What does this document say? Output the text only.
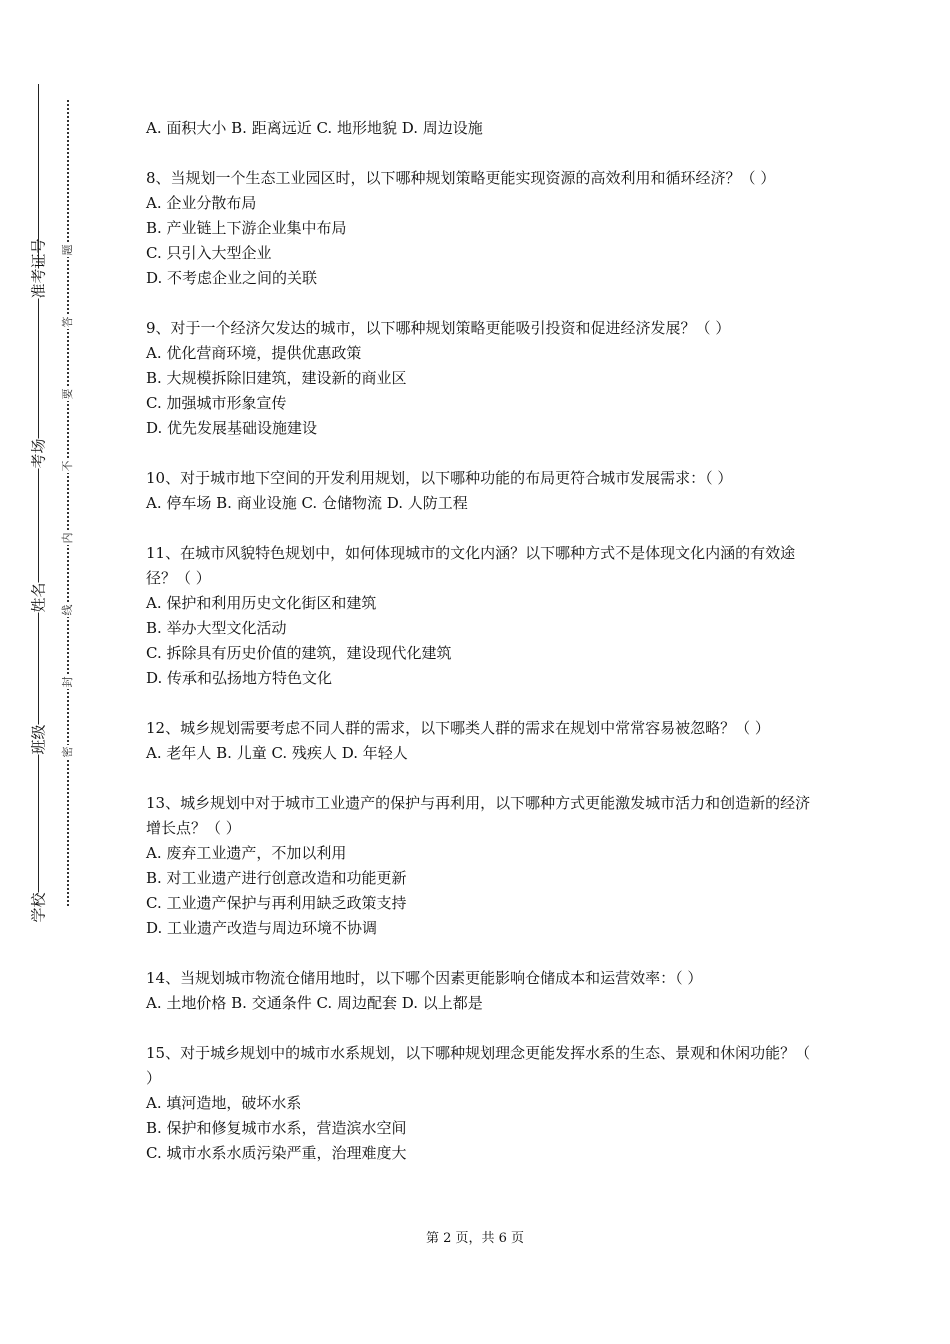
准考证号
考场
姓名
班级
学校
题
答
要
不
内
线
封
密

A. 面积大小 B. 距离远近 C. 地形地貌 D. 周边设施

8、当规划一个生态工业园区时，以下哪种规划策略更能实现资源的高效利用和循环经济？（ ）

A. 企业分散布局

B. 产业链上下游企业集中布局

C. 只引入大型企业

D. 不考虑企业之间的关联

9、对于一个经济欠发达的城市，以下哪种规划策略更能吸引投资和促进经济发展？（ ）

A. 优化营商环境，提供优惠政策

B. 大规模拆除旧建筑，建设新的商业区

C. 加强城市形象宣传

D. 优先发展基础设施建设

10、对于城市地下空间的开发利用规划，以下哪种功能的布局更符合城市发展需求：（ ）

A. 停车场 B. 商业设施 C. 仓储物流 D. 人防工程

11、在城市风貌特色规划中，如何体现城市的文化内涵？以下哪种方式不是体现文化内涵的有效途径？（ ）

A. 保护和利用历史文化街区和建筑

B. 举办大型文化活动

C. 拆除具有历史价值的建筑，建设现代化建筑

D. 传承和弘扬地方特色文化

12、城乡规划需要考虑不同人群的需求，以下哪类人群的需求在规划中常常容易被忽略？（ ）

A. 老年人 B. 儿童 C. 残疾人 D. 年轻人

13、城乡规划中对于城市工业遗产的保护与再利用，以下哪种方式更能激发城市活力和创造新的经济增长点？（ ）

A. 废弃工业遗产，不加以利用

B. 对工业遗产进行创意改造和功能更新

C. 工业遗产保护与再利用缺乏政策支持

D. 工业遗产改造与周边环境不协调

14、当规划城市物流仓储用地时，以下哪个因素更能影响仓储成本和运营效率：（ ）

A. 土地价格 B. 交通条件 C. 周边配套 D. 以上都是

15、对于城乡规划中的城市水系规划，以下哪种规划理念更能发挥水系的生态、景观和休闲功能？（ ）

A. 填河造地，破坏水系

B. 保护和修复城市水系，营造滨水空间

C. 城市水系水质污染严重，治理难度大

第 2 页，共 6 页
